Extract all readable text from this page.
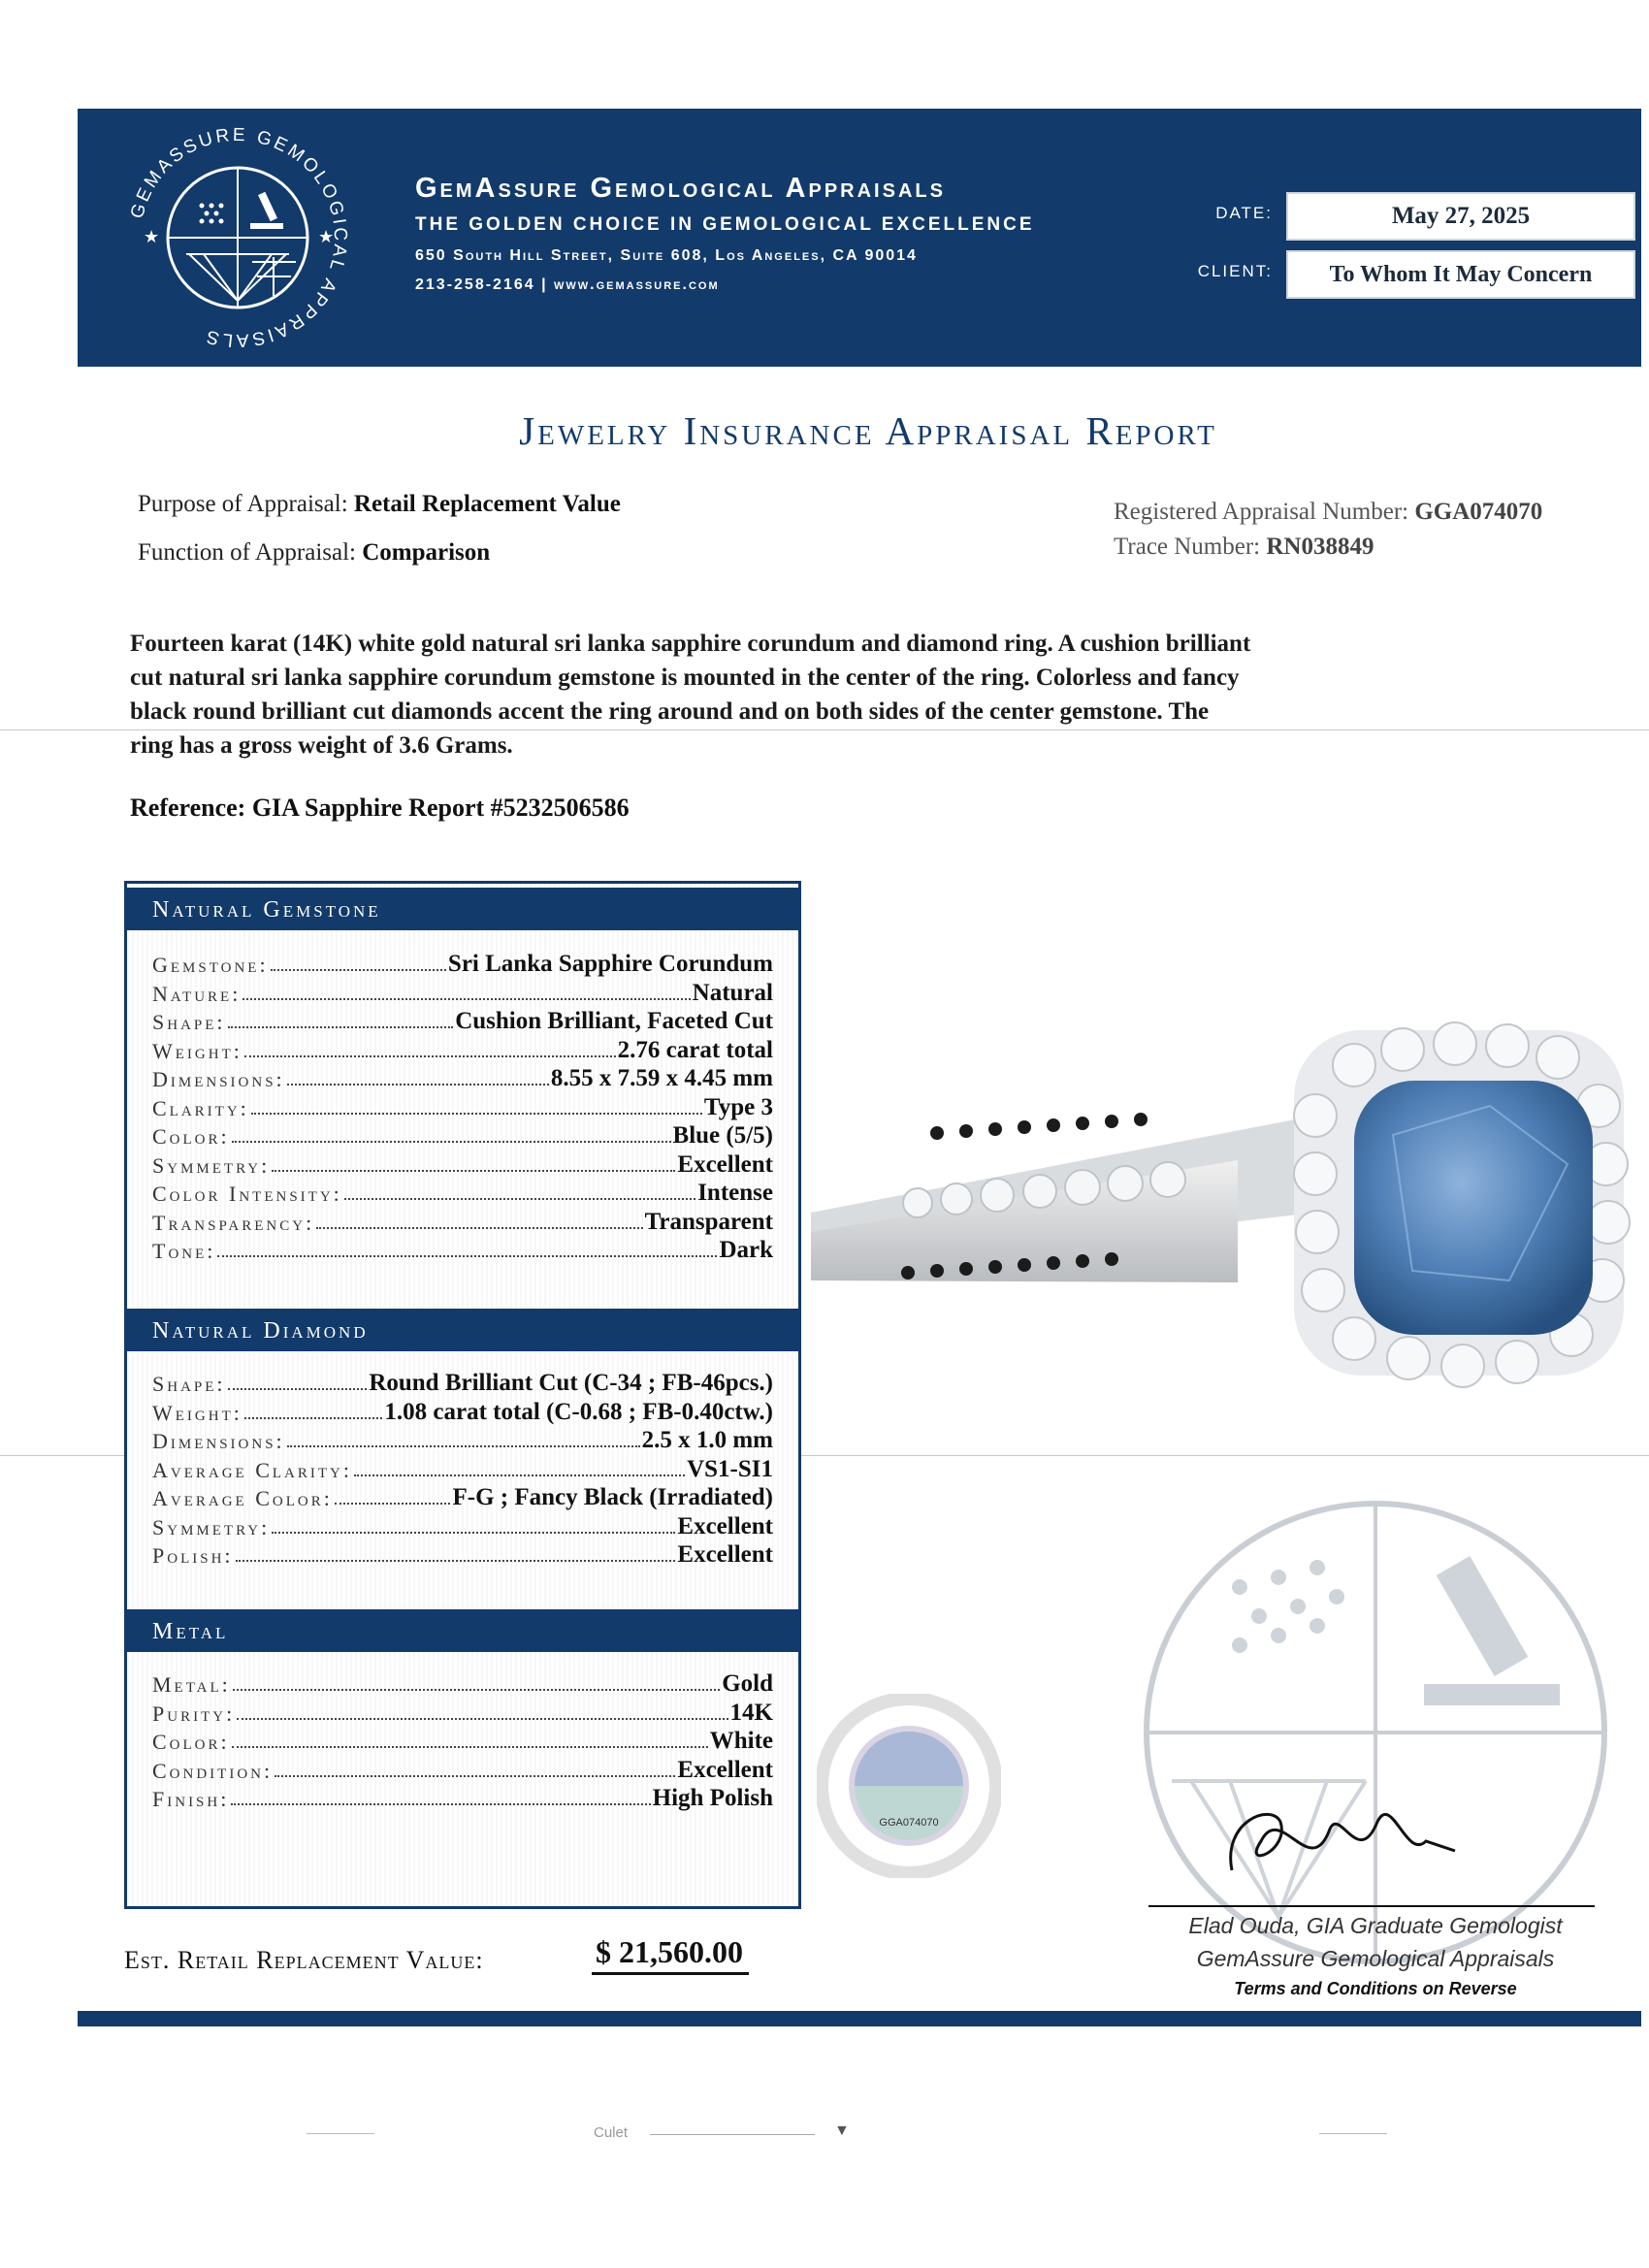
GEMASSURE GEMOLOGICAL APPRAISALS
★	★
GemAssure Gemological Appraisals
THE GOLDEN CHOICE IN GEMOLOGICAL EXCELLENCE
650 South Hill Street, Suite 608, Los Angeles, CA 90014
213-258-2164 | www.gemassure.com
DATE:	May 27, 2025
CLIENT:	To Whom It May Concern
Jewelry Insurance Appraisal Report
Purpose of Appraisal: Retail Replacement Value
Function of Appraisal: Comparison
Registered Appraisal Number: GGA074070
Trace Number: RN038849
Fourteen karat (14K) white gold natural sri lanka sapphire corundum and diamond ring. A cushion brilliant cut natural sri lanka sapphire corundum gemstone is mounted in the center of the ring. Colorless and fancy black round brilliant cut diamonds accent the ring around and on both sides of the center gemstone. The ring has a gross weight of 3.6 Grams.
Reference: GIA Sapphire Report #5232506586
Natural Gemstone
Gemstone:	Sri Lanka Sapphire Corundum
Nature:	Natural
Shape:	Cushion Brilliant, Faceted Cut
Weight:	2.76 carat total
Dimensions:	8.55 x 7.59 x 4.45 mm
Clarity:	Type 3
Color:	Blue (5/5)
Symmetry:	Excellent
Color Intensity:	Intense
Transparency:	Transparent
Tone:	Dark
Natural Diamond
Shape:	Round Brilliant Cut (C-34 ; FB-46pcs.)
Weight:	1.08 carat total (C-0.68 ; FB-0.40ctw.)
Dimensions:	2.5 x 1.0 mm
Average Clarity:	VS1-SI1
Average Color:	F-G ; Fancy Black (Irradiated)
Symmetry:	Excellent
Polish:	Excellent
Metal
Metal:	Gold
Purity:	14K
Color:	White
Condition:	Excellent
Finish:	High Polish
GGA074070
Elad Ouda, GIA Graduate Gemologist
GemAssure Gemological Appraisals
Terms and Conditions on Reverse
Est. Retail Replacement Value:	$ 21,560.00
Culet	▼
